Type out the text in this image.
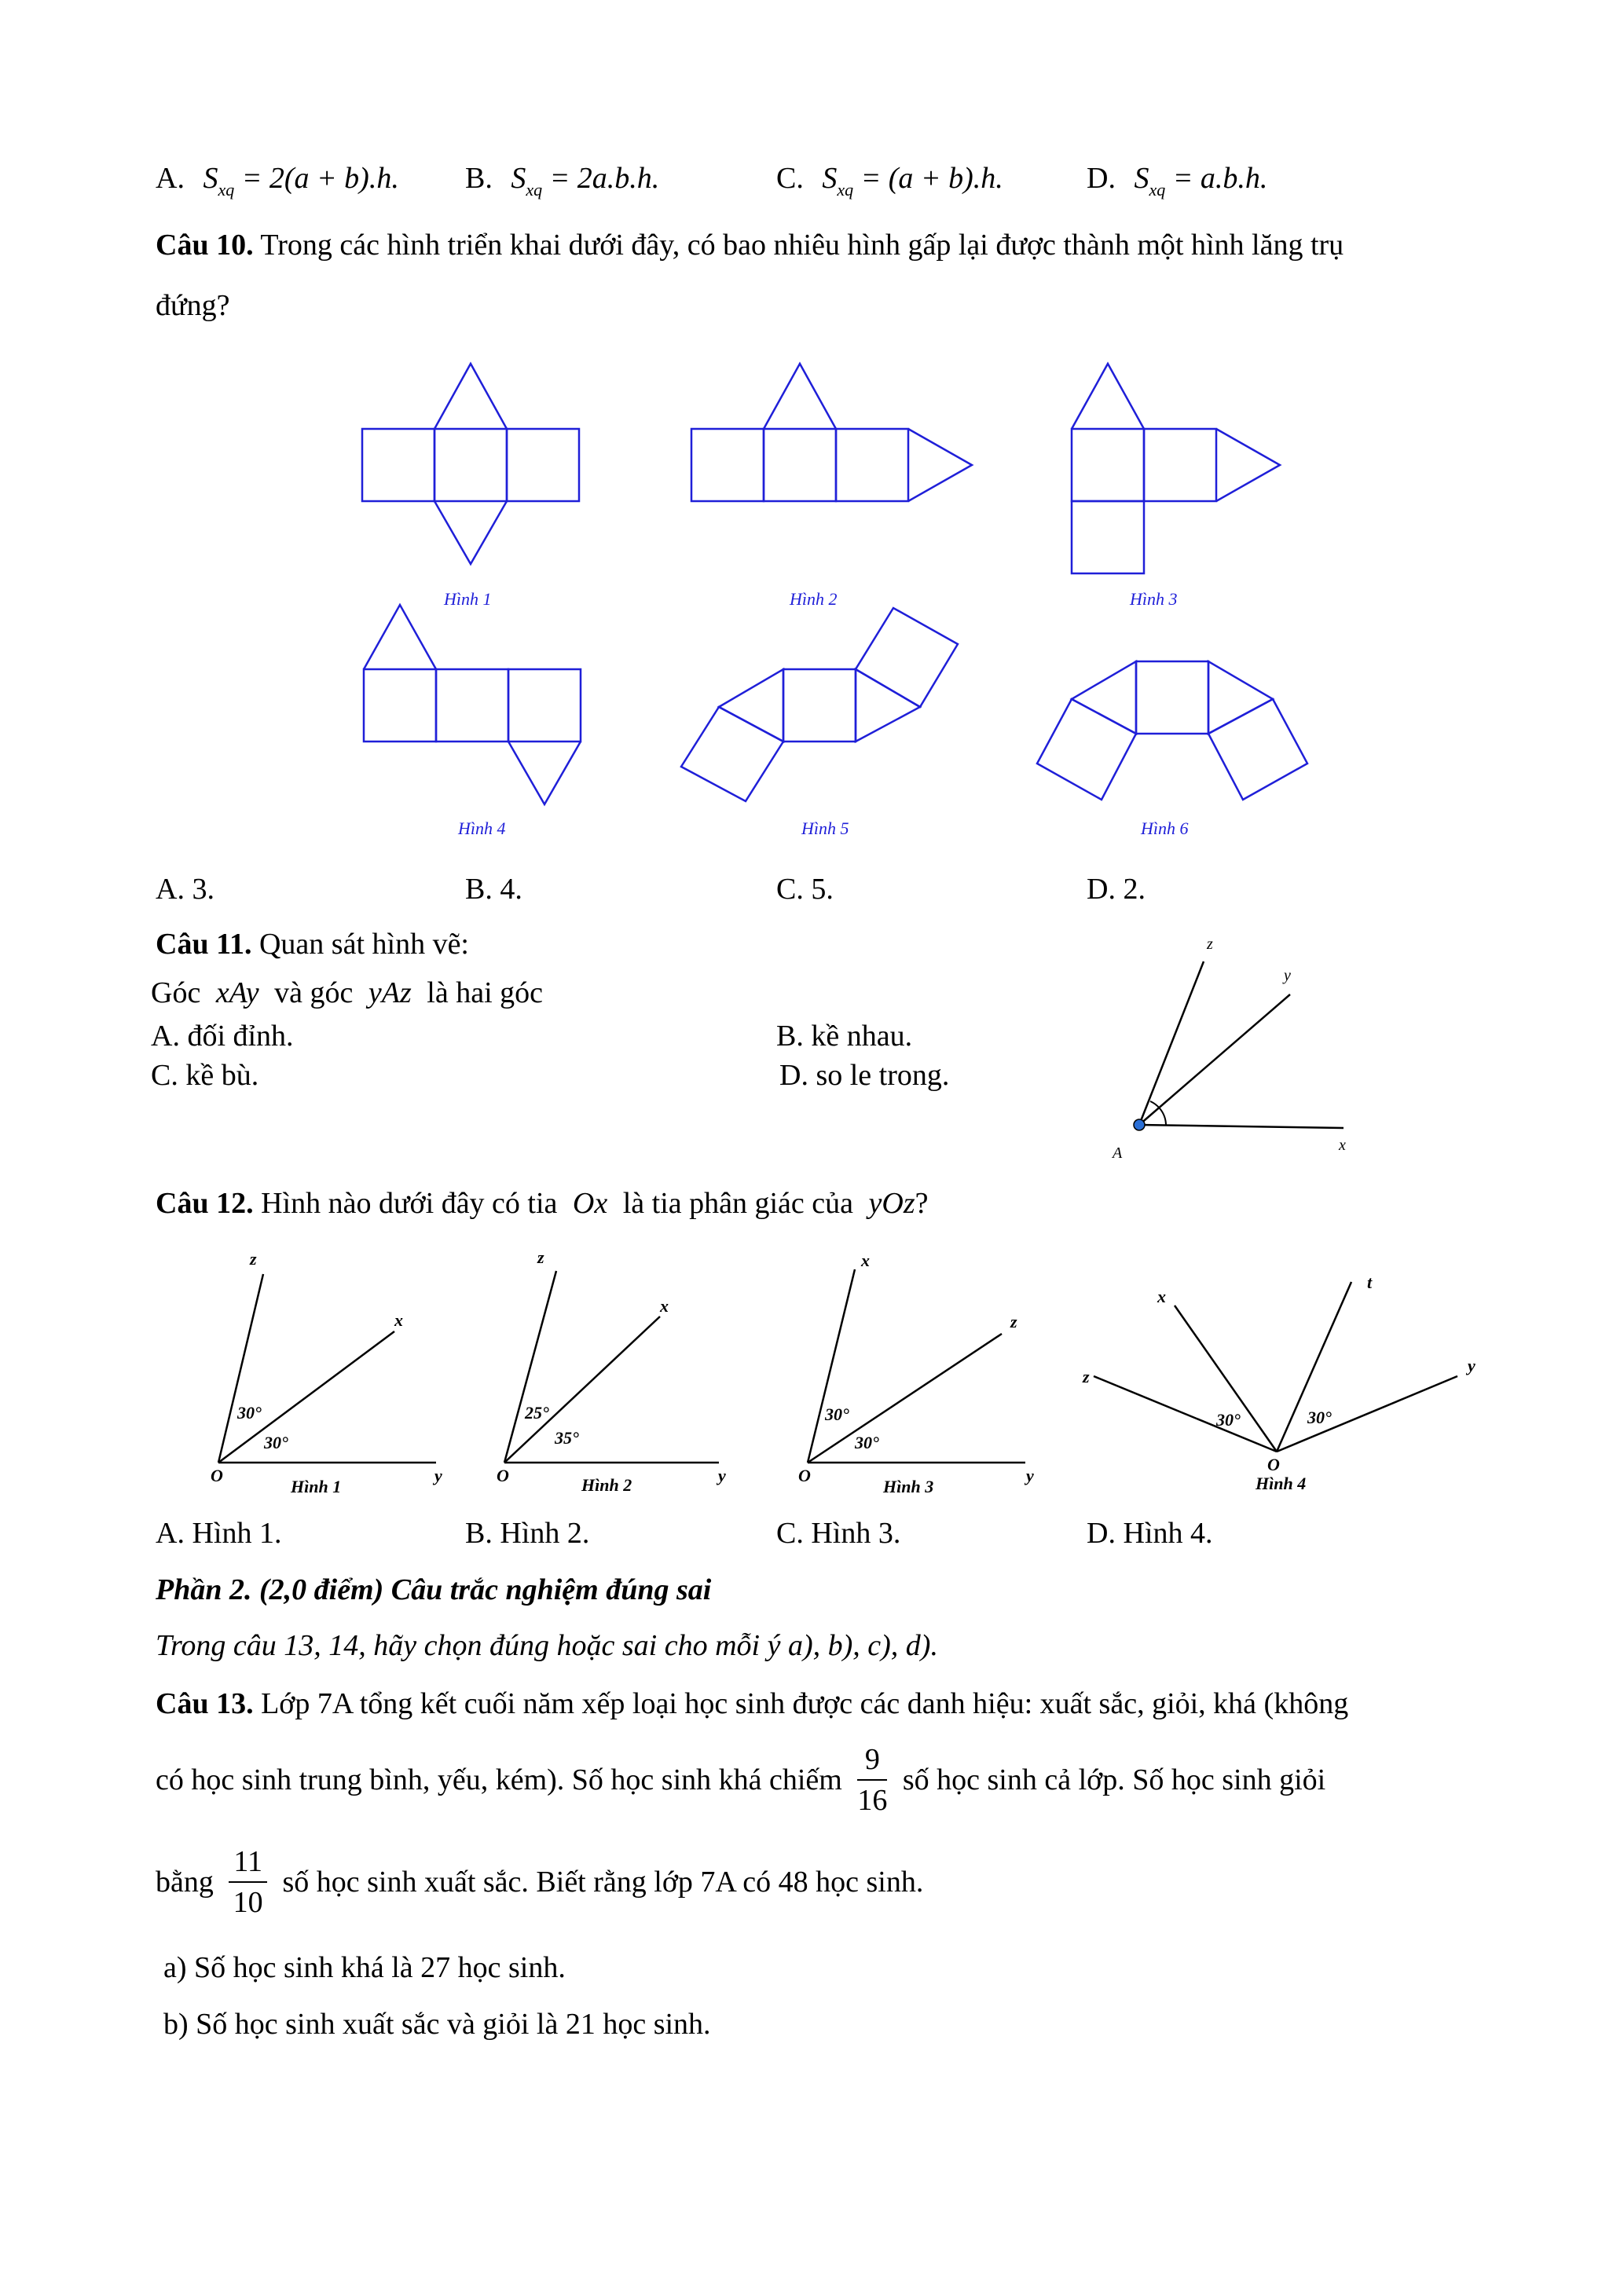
A. $S_{xq} = 2(a + b).h$. B. $S_{xq} = 2a.b.h$.	C. $S_{xq} = (a + b).h$.	D. $S_{xq} = a.b.h$.
Câu 10. Trong các hình triển khai dưới đây, có bao nhiêu hình gấp lại được thành một hình lăng trụ
đứng?
Hình 1	Hình 2	Hình 3
Hình 4	Hình 5	Hình 6
A. 3.	B. 4.	C. 5.	D. 2.
Câu 11. Quan sát hình vẽ:
Góc xAy và góc yAz là hai góc
A. đối đỉnh.	B. kề nhau.
C. kề bù.	D. so le trong.
z
y
x
A
Câu 12. Hình nào dưới đây có tia Ox là tia phân giác của yOz?
z
x
O	y
30°
30°
Hình 1
z
x
O	y
25°
35°
Hình 2
x
z
O	y
30°
30°
Hình 3
x
t
z
y
O
30°	30°
Hình 4
A. Hình 1.	B. Hình 2.	C. Hình 3.	D. Hình 4.
Phần 2. (2,0 điểm) Câu trắc nghiệm đúng sai
Trong câu 13, 14, hãy chọn đúng hoặc sai cho mỗi ý a), b), c), d).
Câu 13. Lớp 7A tổng kết cuối năm xếp loại học sinh được các danh hiệu: xuất sắc, giỏi, khá (không
có học sinh trung bình, yếu, kém). Số học sinh khá chiếm $\frac{9}{16}$ số học sinh cả lớp. Số học sinh giỏi
bằng $\frac{11}{10}$ số học sinh xuất sắc. Biết rằng lớp 7A có 48 học sinh.
a) Số học sinh khá là 27 học sinh.
b) Số học sinh xuất sắc và giỏi là 21 học sinh.
